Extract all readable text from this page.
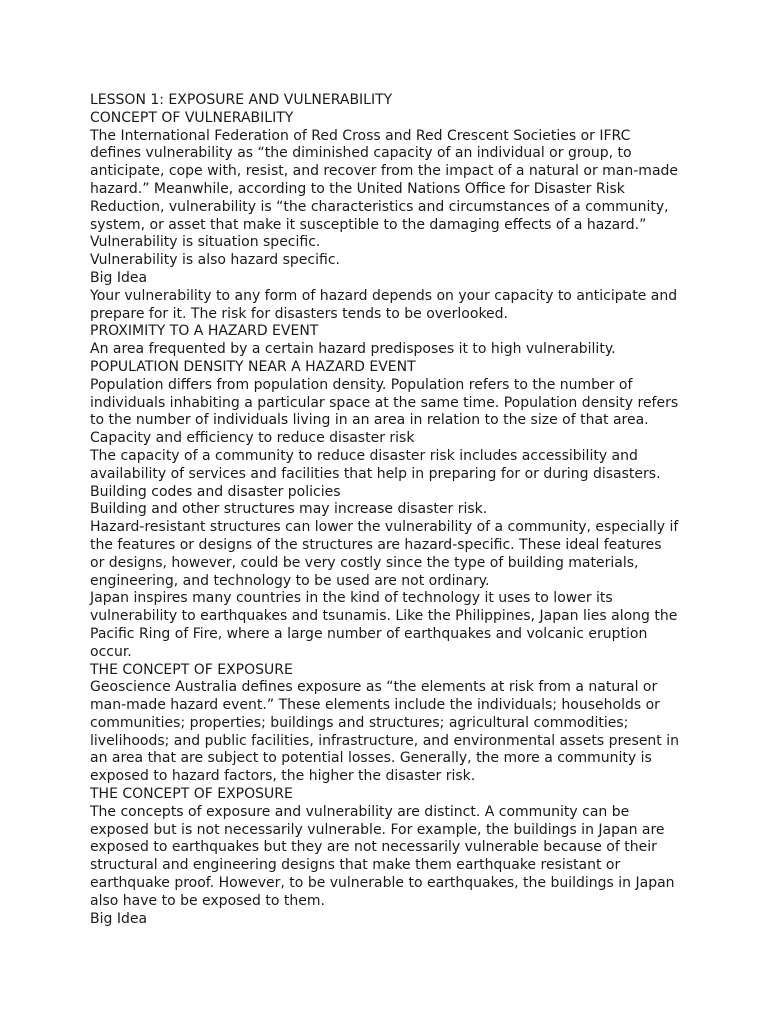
LESSON 1: EXPOSURE AND VULNERABILITY

CONCEPT OF VULNERABILITY

The International Federation of Red Cross and Red Crescent Societies or IFRC defines vulnerability as “the diminished capacity of an individual or group, to anticipate, cope with, resist, and recover from the impact of a natural or man-made hazard.” Meanwhile, according to the United Nations Office for Disaster Risk Reduction, vulnerability is “the characteristics and circumstances of a community, system, or asset that make it susceptible to the damaging effects of a hazard.”

Vulnerability is situation specific.

Vulnerability is also hazard specific.

Big Idea

Your vulnerability to any form of hazard depends on your capacity to anticipate and prepare for it. The risk for disasters tends to be overlooked.

PROXIMITY TO A HAZARD EVENT

An area frequented by a certain hazard predisposes it to high vulnerability.

POPULATION DENSITY NEAR A HAZARD EVENT

Population differs from population density. Population refers to the number of individuals inhabiting a particular space at the same time. Population density refers to the number of individuals living in an area in relation to the size of that area.

Capacity and efficiency to reduce disaster risk

The capacity of a community to reduce disaster risk includes accessibility and availability of services and facilities that help in preparing for or during disasters.

Building codes and disaster policies

Building and other structures may increase disaster risk.

Hazard-resistant structures can lower the vulnerability of a community, especially if the features or designs of the structures are hazard-specific. These ideal features or designs, however, could be very costly since the type of building materials, engineering, and technology to be used are not ordinary.

Japan inspires many countries in the kind of technology it uses to lower its vulnerability to earthquakes and tsunamis. Like the Philippines, Japan lies along the Pacific Ring of Fire, where a large number of earthquakes and volcanic eruption occur.

THE CONCEPT OF EXPOSURE

Geoscience Australia defines exposure as “the elements at risk from a natural or man-made hazard event.” These elements include the individuals; households or communities; properties; buildings and structures; agricultural commodities; livelihoods; and public facilities, infrastructure, and environmental assets present in an area that are subject to potential losses. Generally, the more a community is exposed to hazard factors, the higher the disaster risk.

THE CONCEPT OF EXPOSURE

The concepts of exposure and vulnerability are distinct. A community can be exposed but is not necessarily vulnerable. For example, the buildings in Japan are exposed to earthquakes but they are not necessarily vulnerable because of their structural and engineering designs that make them earthquake resistant or earthquake proof. However, to be vulnerable to earthquakes, the buildings in Japan also have to be exposed to them.

Big Idea
